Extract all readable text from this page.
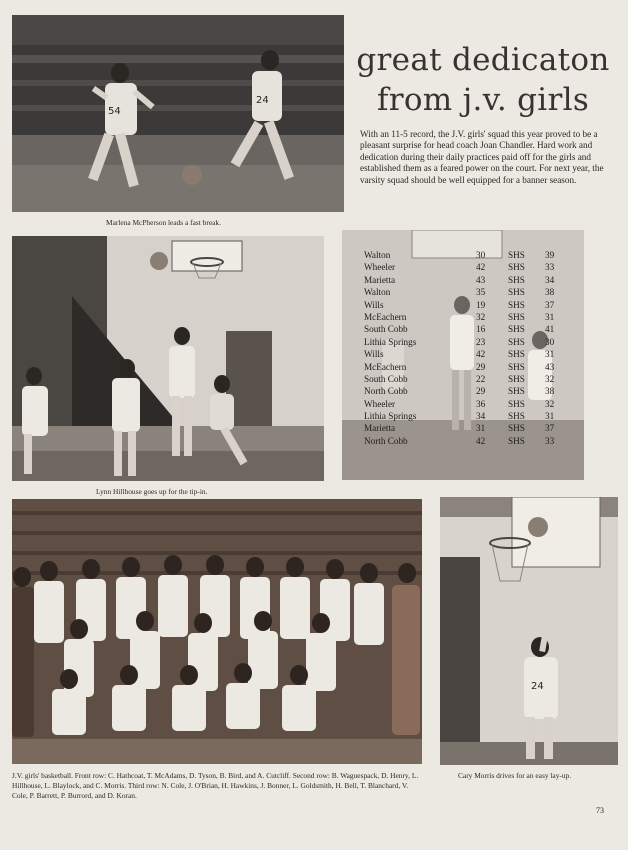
54
24
Marlena McPherson leads a fast break.
great dedicaton
from j.v. girls
With an 11-5 record, the J.V. girls' squad this year proved to be a pleasant surprise for head coach Joan Chandler. Hard work and dedication during their daily practices paid off for the girls and established them as a feared power on the court. For next year, the varsity squad should be well equipped for a banner season.
Lynn Hillhouse goes up for the tip-in.
Walton	30	SHS	39
Wheeler	42	SHS	33
Marietta	43	SHS	34
Walton	35	SHS	38
Wills	19	SHS	37
McEachern	32	SHS	31
South Cobb	16	SHS	41
Lithia Springs	23	SHS	30
Wills	42	SHS	31
McEachern	29	SHS	43
South Cobb	22	SHS	32
North Cobb	29	SHS	38
Wheeler	36	SHS	32
Lithia Springs	34	SHS	31
Marietta	31	SHS	37
North Cobb	42	SHS	33
J.V. girls' basketball. Front row: C. Hathcoat, T. McAdams, D. Tyson, B. Bird, and A. Cutcliff. Second row: B. Waguespack, D. Henry, L. Hillhouse, L. Blaylock, and C. Morris. Third row: N. Cole, J. O'Brian, H. Hawkins, J. Bonner, L. Goldsmith, H. Bell, T. Blanchard, V. Cole, P. Barrett, P. Burrord, and D. Koran.
24
Cary Morris drives for an easy lay-up.
73
